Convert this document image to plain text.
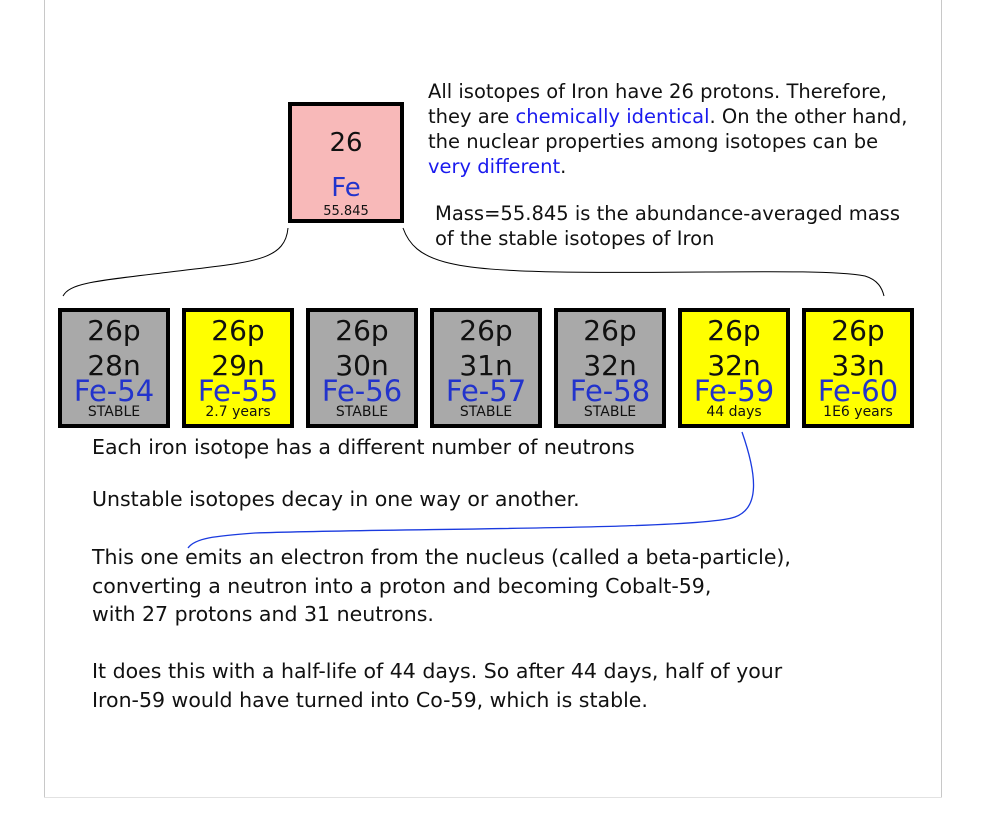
26
Fe
55.845
All isotopes of Iron have 26 protons. Therefore,
they are chemically identical. On the other hand,
the nuclear properties among isotopes can be
very different.
Mass=55.845 is the abundance-averaged mass
of the stable isotopes of Iron
26p
28n
Fe-54
STABLE
26p
29n
Fe-55
2.7 years
26p
30n
Fe-56
STABLE
26p
31n
Fe-57
STABLE
26p
32n
Fe-58
STABLE
26p
32n
Fe-59
44 days
26p
33n
Fe-60
1E6 years
Each iron isotope has a different number of neutrons
Unstable isotopes decay in one way or another.
This one emits an electron from the nucleus (called a beta-particle),
converting a neutron into a proton and becoming Cobalt-59,
with 27 protons and 31 neutrons.
It does this with a half-life of 44 days. So after 44 days, half of your
Iron-59 would have turned into Co-59, which is stable.
